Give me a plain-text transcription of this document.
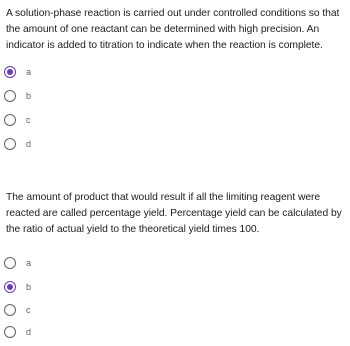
A solution-phase reaction is carried out under controlled conditions so that the amount of one reactant can be determined with high precision. An indicator is added to titration to indicate when the reaction is complete.

a
b
c
d

The amount of product that would result if all the limiting reagent were reacted are called percentage yield. Percentage yield can be calculated by the ratio of actual yield to the theoretical yield times 100.

a
b
c
d
